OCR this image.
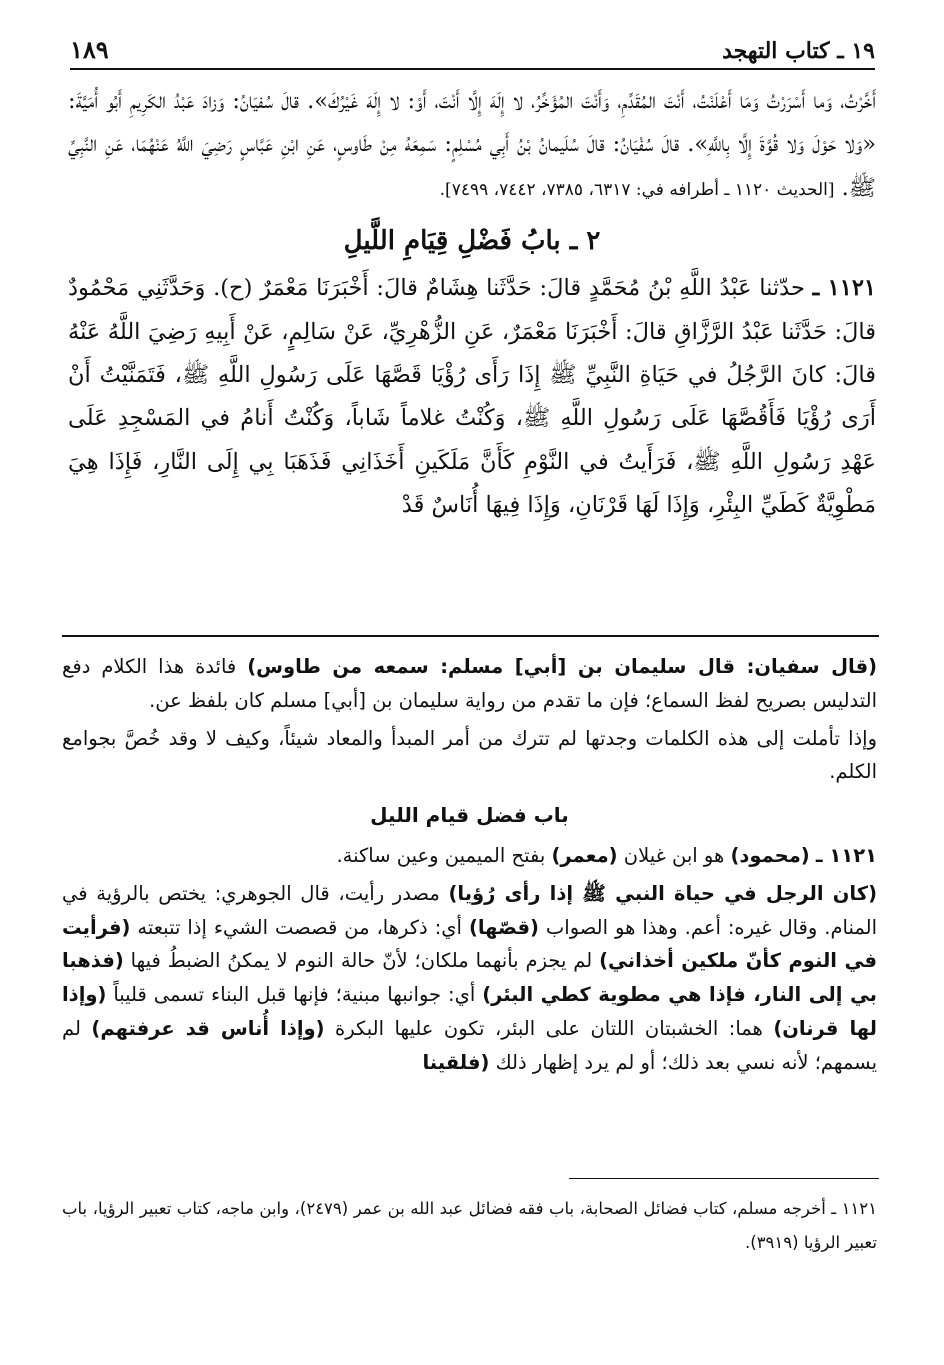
١٨٩	١٩ ـ كتاب التهجد

أَخَّرْتُ، وَما أَسْرَرْتُ وَمَا أَعْلَنْتُ، أَنْتَ المُقَدِّمِ، وَأَنْتَ المُؤَخِّرُ، لا إِلَهَ إِلَّا أَنْتَ، أَوْ: لا إِلَهَ غَيْرُكَ». قالَ سُفيَانُ: وَزادَ عَبْدُ الكَرِيمِ أَبُو أُمَيَّةَ: «وَلا حَوْلَ وَلا قُوَّةَ إِلَّا بِاللَّهِ». قالَ سُفْيَانُ: قالَ سُلَيمانُ بْنُ أَبِي مُسْلِمٍ: سَمِعَهُ مِنْ طَاوسٍ، عَنِ ابْنِ عَبَّاسٍ رَضِيَ اللَّهُ عَنْهُمَا، عَنِ النَّبِيِّ ﷺ. [الحديث ١١٢٠ ـ أطرافه في: ٦٣١٧، ٧٣٨٥، ٧٤٤٢، ٧٤٩٩].

٢ ـ بابُ فَضْلِ قِيَامِ اللَّيلِ

١١٢١ ـ حدّثنا عَبْدُ اللَّهِ بْنُ مُحَمَّدٍ قالَ: حَدَّثَنا هِشَامٌ قالَ: أَخْبَرَنَا مَعْمَرٌ (ح). وَحَدَّثَنِي مَحْمُودٌ قالَ: حَدَّثَنا عَبْدُ الرَّزَّاقِ قالَ: أَخْبَرَنَا مَعْمَرٌ، عَنِ الزُّهْرِيِّ، عَنْ سَالِمٍ، عَنْ أَبِيهِ رَضِيَ اللَّهُ عَنْهُ قالَ: كانَ الرَّجُلُ في حَيَاةِ النَّبِيِّ ﷺ إِذَا رَأَى رُؤْيَا قَصَّهَا عَلَى رَسُولِ اللَّهِ ﷺ، فَتَمَنَّيْتُ أَنْ أَرَى رُؤْيَا فَأَقُصَّهَا عَلَى رَسُولِ اللَّهِ ﷺ، وَكُنْتُ غلاماً شَاباً، وَكُنْتُ أَنامُ في المَسْجِدِ عَلَى عَهْدِ رَسُولِ اللَّهِ ﷺ، فَرَأَيتُ في النَّوْمِ كَأَنَّ مَلَكَينِ أَخَذَانِي فَذَهَبَا بِي إِلَى النَّارِ، فَإِذَا هِيَ مَطْوِيَّةٌ كَطَيِّ البِئْرِ، وَإِذَا لَهَا قَرْنَانِ، وَإِذَا فِيهَا أُنَاسٌ قَدْ

(قال سفيان: قال سليمان بن [أبي] مسلم: سمعه من طاوس) فائدة هذا الكلام دفع التدليس بصريح لفظ السماع؛ فإن ما تقدم من رواية سليمان بن [أبي] مسلم كان بلفظ عن.

وإذا تأملت إلى هذه الكلمات وجدتها لم تترك من أمر المبدأ والمعاد شيئاً، وكيف لا وقد خُصَّ بجوامع الكلم.

باب فضل قيام الليل

١١٢١ ـ (محمود) هو ابن غيلان (معمر) بفتح الميمين وعين ساكنة.

(كان الرجل في حياة النبي ﷺ إذا رأى رُؤيا) مصدر رأيت، قال الجوهري: يختص بالرؤية في المنام. وقال غيره: أعم. وهذا هو الصواب (قصّها) أي: ذكرها، من قصصت الشيء إذا تتبعته (فرأيت في النوم كأنّ ملكين أخذاني) لم يجزم بأنهما ملكان؛ لأنّ حالة النوم لا يمكنُ الضبطُ فيها (فذهبا بي إلى النار، فإذا هي مطوية كطي البئر) أي: جوانبها مبنية؛ فإنها قبل البناء تسمى قليباً (وإذا لها قرنان) هما: الخشبتان اللتان على البئر، تكون عليها البكرة (وإذا أُناس قد عرفتهم) لم يسمهم؛ لأنه نسي بعد ذلك؛ أو لم يرد إظهار ذلك (فلقينا

١١٢١ ـ أخرجه مسلم، كتاب فضائل الصحابة، باب فقه فضائل عبد الله بن عمر (٢٤٧٩)، وابن ماجه، كتاب تعبير الرؤيا، باب تعبير الرؤيا (٣٩١٩).
